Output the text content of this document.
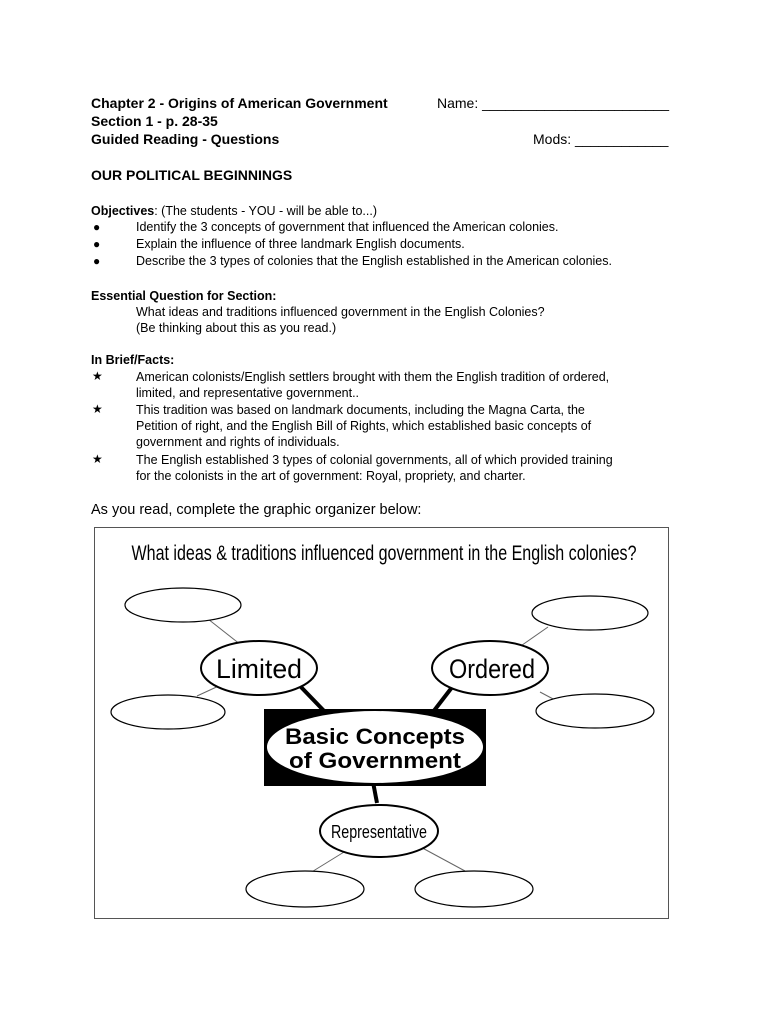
Chapter 2 - Origins of American Government	Name: ________________________
Section 1 - p. 28-35
Guided Reading - Questions	Mods: ____________
OUR POLITICAL BEGINNINGS
Objectives: (The students - YOU - will be able to...)
●	Identify the 3 concepts of government that influenced the American colonies.
●	Explain the influence of three landmark English documents.
●	Describe the 3 types of colonies that the English established in the American colonies.
Essential Question for Section:
What ideas and traditions influenced government in the English Colonies?
(Be thinking about this as you read.)
In Brief/Facts:
★	American colonists/English settlers brought with them the English tradition of ordered,
limited, and representative government..
★	This tradition was based on landmark documents, including the Magna Carta, the
Petition of right, and the English Bill of Rights, which established basic concepts of
government and rights of individuals.
★	The English established 3 types of colonial governments, all of which provided training
for the colonists in the art of government: Royal, propriety, and charter.
As you read, complete the graphic organizer below:
What ideas & traditions influenced government in the English colonies?
Limited	Ordered
Representative
Basic Concepts
of Government
